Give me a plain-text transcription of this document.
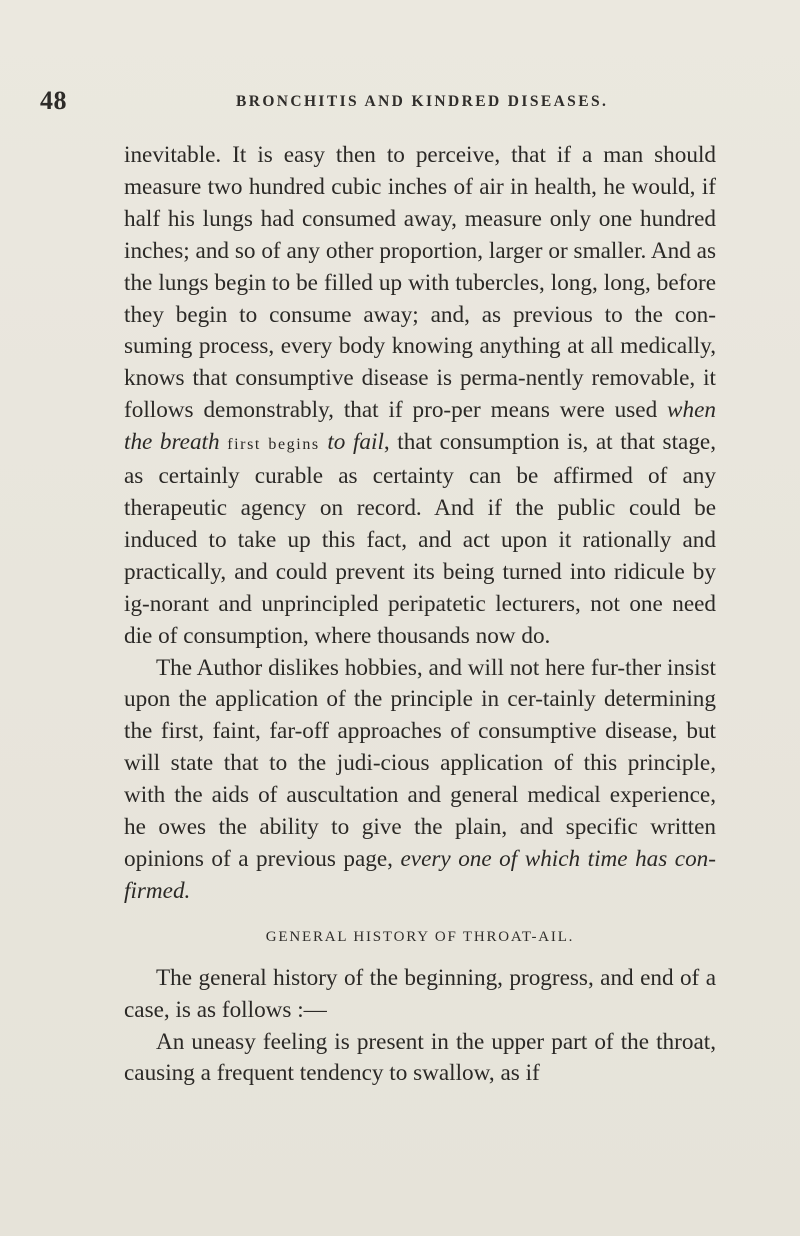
48	BRONCHITIS AND KINDRED DISEASES.

inevitable. It is easy then to perceive, that if a man should measure two hundred cubic inches of air in health, he would, if half his lungs had consumed away, measure only one hundred inches; and so of any other proportion, larger or smaller. And as the lungs begin to be filled up with tubercles, long, long, before they begin to consume away; and, as previous to the con-suming process, every body knowing anything at all medically, knows that consumptive disease is perma-nently removable, it follows demonstrably, that if pro-per means were used when the breath first begins to fail, that consumption is, at that stage, as certainly curable as certainty can be affirmed of any therapeutic agency on record. And if the public could be induced to take up this fact, and act upon it rationally and practically, and could prevent its being turned into ridicule by ig-norant and unprincipled peripatetic lecturers, not one need die of consumption, where thousands now do.

The Author dislikes hobbies, and will not here fur-ther insist upon the application of the principle in cer-tainly determining the first, faint, far-off approaches of consumptive disease, but will state that to the judi-cious application of this principle, with the aids of auscultation and general medical experience, he owes the ability to give the plain, and specific written opinions of a previous page, every one of which time has con-firmed.

GENERAL HISTORY OF THROAT-AIL.

The general history of the beginning, progress, and end of a case, is as follows :—

An uneasy feeling is present in the upper part of the throat, causing a frequent tendency to swallow, as if
